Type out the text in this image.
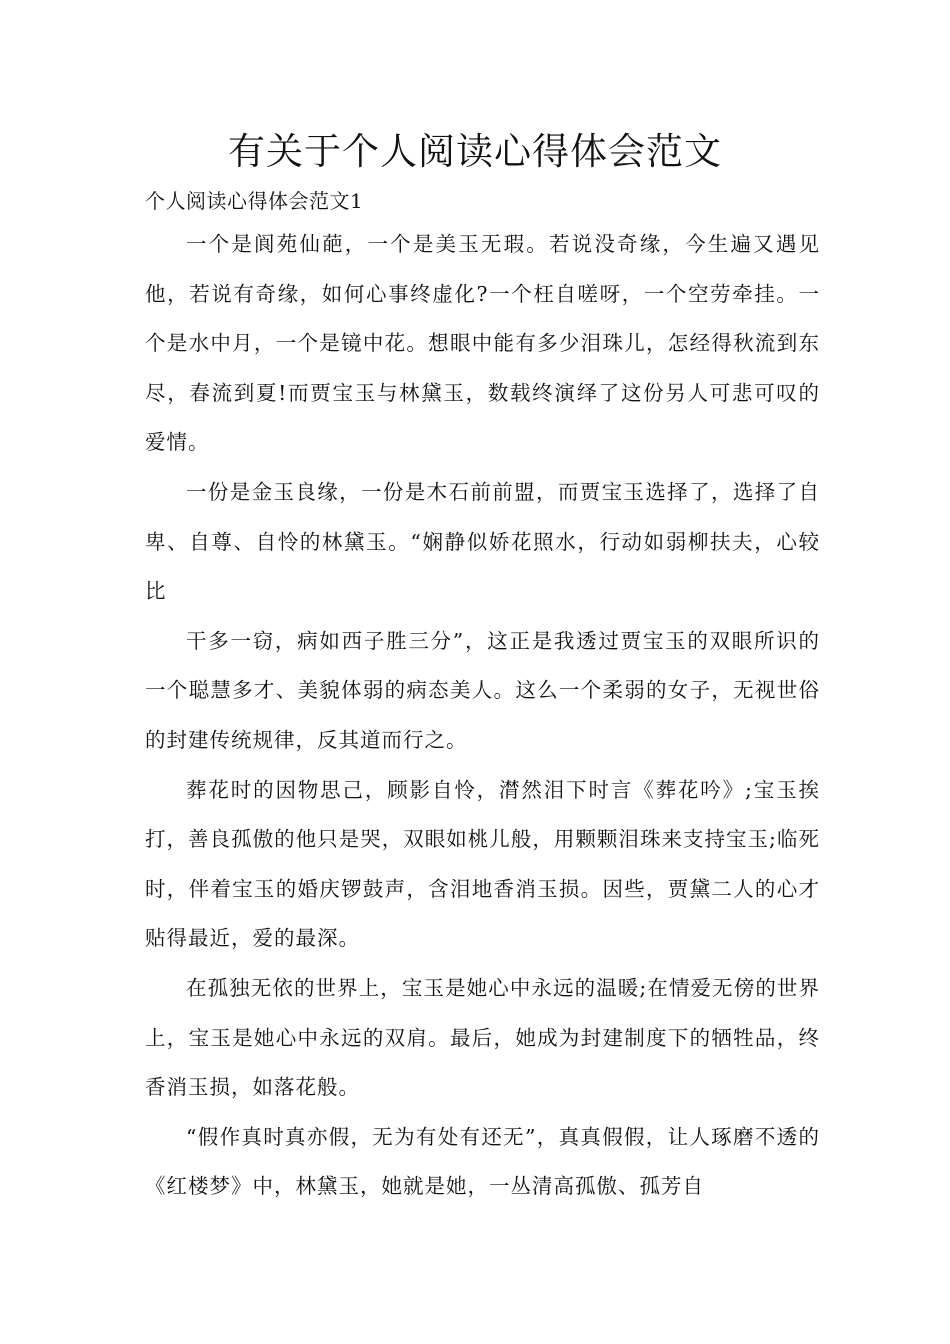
有关于个人阅读心得体会范文

个人阅读心得体会范文1

一个是阆苑仙葩，一个是美玉无瑕。若说没奇缘，今生遍又遇见他，若说有奇缘，如何心事终虚化?一个枉自嗟呀，一个空劳牵挂。一个是水中月，一个是镜中花。想眼中能有多少泪珠儿，怎经得秋流到东尽，春流到夏!而贾宝玉与林黛玉，数载终演绎了这份另人可悲可叹的爱情。

一份是金玉良缘，一份是木石前前盟，而贾宝玉选择了，选择了自卑、自尊、自怜的林黛玉。“娴静似娇花照水，行动如弱柳扶夫，心较比

干多一窃，病如西子胜三分”，这正是我透过贾宝玉的双眼所识的一个聪慧多才、美貌体弱的病态美人。这么一个柔弱的女子，无视世俗的封建传统规律，反其道而行之。

葬花时的因物思己，顾影自怜，潸然泪下时言《葬花吟》;宝玉挨打，善良孤傲的他只是哭，双眼如桃儿般，用颗颗泪珠来支持宝玉;临死时，伴着宝玉的婚庆锣鼓声，含泪地香消玉损。因些，贾黛二人的心才贴得最近，爱的最深。

在孤独无依的世界上，宝玉是她心中永远的温暖;在情爱无傍的世界上，宝玉是她心中永远的双肩。最后，她成为封建制度下的牺牲品，终香消玉损，如落花般。

“假作真时真亦假，无为有处有还无”，真真假假，让人琢磨不透的《红楼梦》中，林黛玉，她就是她，一丛清高孤傲、孤芳自
